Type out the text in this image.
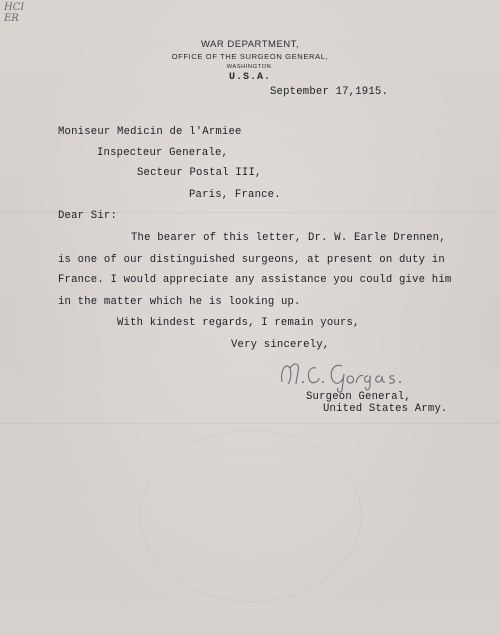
HCI
ER
WAR DEPARTMENT,
OFFICE OF THE SURGEON GENERAL,
WASHINGTON.
U.S.A.
September 17,1915.
Moniseur Medicin de l'Armiee
Inspecteur Generale,
Secteur Postal III,
Paris, France.
Dear Sir:
The bearer of this letter, Dr. W. Earle Drennen,
is one of our distinguished surgeons, at present on duty in
France. I would appreciate any assistance you could give him
in the matter which he is looking up.
With kindest regards, I remain yours,
Very sincerely,
Surgeon General,
United States Army.
